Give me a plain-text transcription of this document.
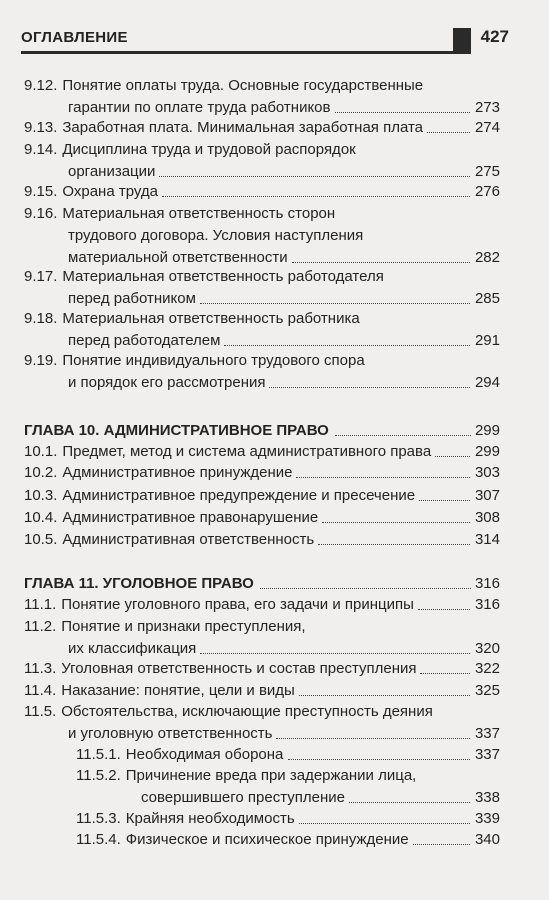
ОГЛАВЛЕНИЕ	427
9.12. Понятие оплаты труда. Основные государственные
гарантии по оплате труда работников	273
9.13. Заработная плата. Минимальная заработная плата	274
9.14. Дисциплина труда и трудовой распорядок
организации	275
9.15. Охрана труда	276
9.16. Материальная ответственность сторон
трудового договора. Условия наступления
материальной ответственности	282
9.17. Материальная ответственность работодателя
перед работником	285
9.18. Материальная ответственность работника
перед работодателем	291
9.19. Понятие индивидуального трудового спора
и порядок его рассмотрения	294
ГЛАВА 10. АДМИНИСТРАТИВНОЕ ПРАВО	299
10.1. Предмет, метод и система административного права	299
10.2. Административное принуждение	303
10.3. Административное предупреждение и пресечение	307
10.4. Административное правонарушение	308
10.5. Административная ответственность	314
ГЛАВА 11. УГОЛОВНОЕ ПРАВО	316
11.1. Понятие уголовного права, его задачи и принципы	316
11.2. Понятие и признаки преступления,
их классификация	320
11.3. Уголовная ответственность и состав преступления	322
11.4. Наказание: понятие, цели и виды	325
11.5. Обстоятельства, исключающие преступность деяния
и уголовную ответственность	337
11.5.1. Необходимая оборона	337
11.5.2. Причинение вреда при задержании лица,
совершившего преступление	338
11.5.3. Крайняя необходимость	339
11.5.4. Физическое и психическое принуждение	340
